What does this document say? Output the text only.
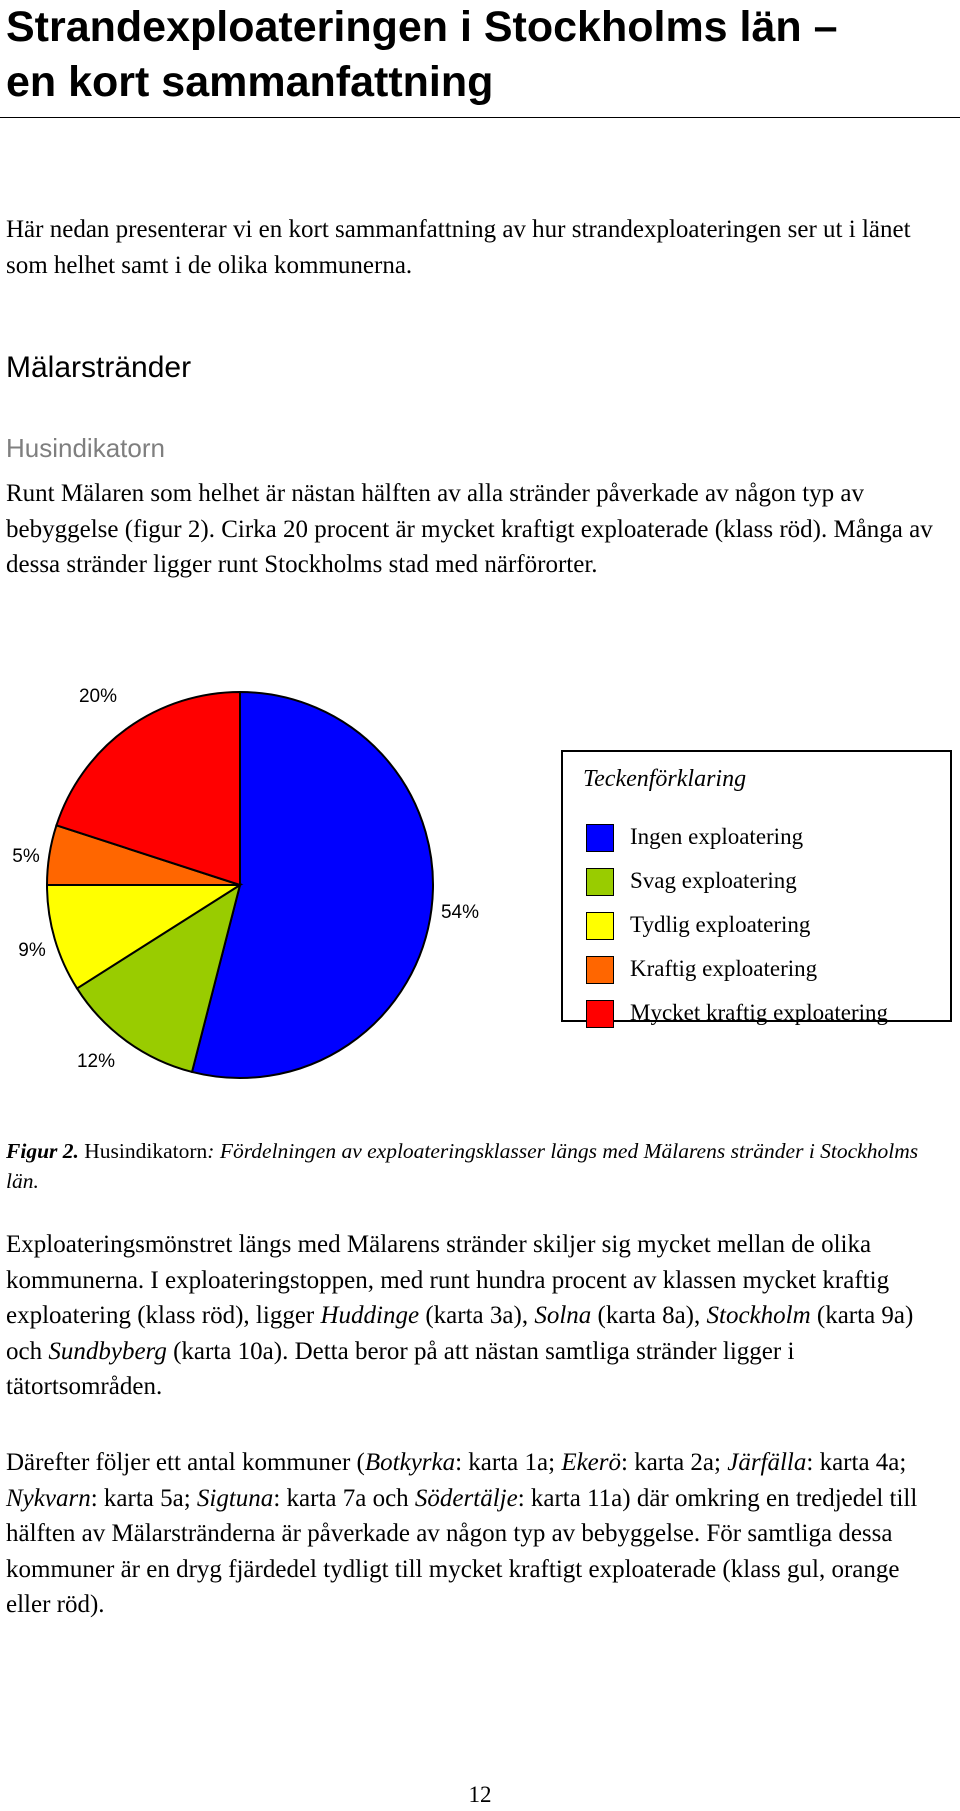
Strandexploateringen i Stockholms län –
en kort sammanfattning

Här nedan presenterar vi en kort sammanfattning av hur strandexploateringen ser ut i länet som helhet samt i de olika kommunerna.

Mälarstränder
Husindikatorn

Runt Mälaren som helhet är nästan hälften av alla stränder påverkade av någon typ av bebyggelse (figur 2). Cirka 20 procent är mycket kraftigt exploaterade (klass röd). Många av dessa stränder ligger runt Stockholms stad med närförorter.

54%
12%
9%
5%
20%

Teckenförklaring

Ingen exploatering
Svag exploatering
Tydlig exploatering
Kraftig exploatering
Mycket kraftig exploatering

Figur 2. Husindikatorn: Fördelningen av exploateringsklasser längs med Mälarens stränder i Stockholms län.

Exploateringsmönstret längs med Mälarens stränder skiljer sig mycket mellan de olika kommunerna. I exploateringstoppen, med runt hundra procent av klassen mycket kraftig exploatering (klass röd), ligger Huddinge (karta 3a), Solna (karta 8a), Stockholm (karta 9a) och Sundbyberg (karta 10a). Detta beror på att nästan samtliga stränder ligger i tätortsområden.

Därefter följer ett antal kommuner (Botkyrka: karta 1a; Ekerö: karta 2a; Järfälla: karta 4a; Nykvarn: karta 5a; Sigtuna: karta 7a och Södertälje: karta 11a) där omkring en tredjedel till hälften av Mälarstränderna är påverkade av någon typ av bebyggelse. För samtliga dessa kommuner är en dryg fjärdedel tydligt till mycket kraftigt exploaterade (klass gul, orange eller röd).

12
